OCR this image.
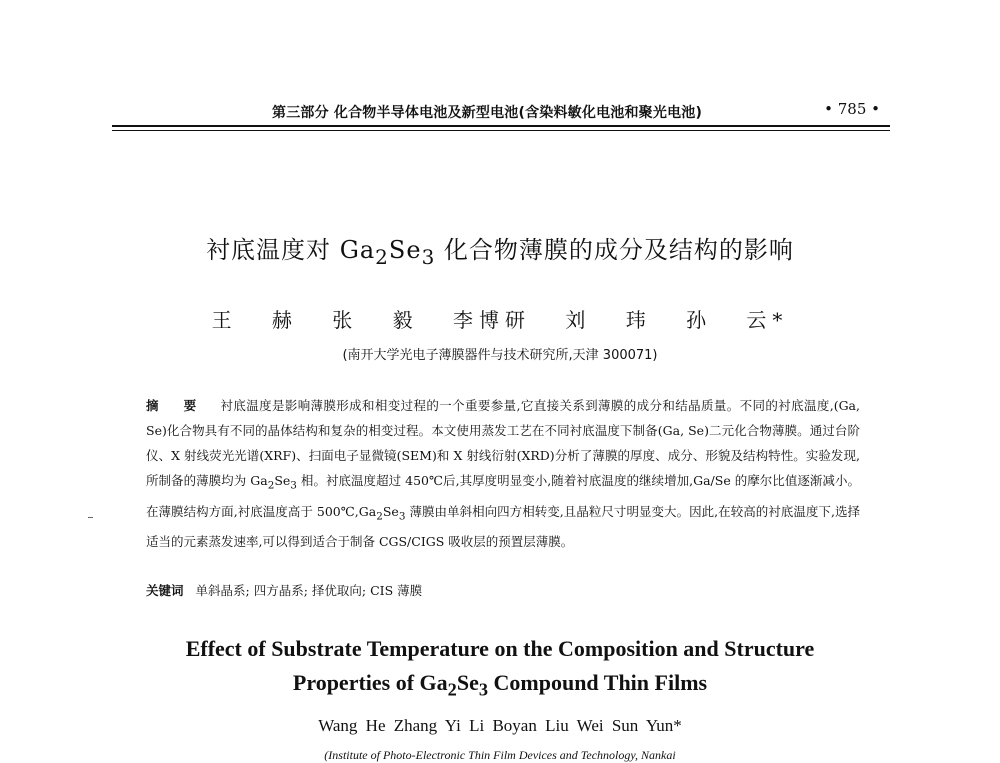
第三部分 化合物半导体电池及新型电池(含染料敏化电池和聚光电池)	• 785 •
衬底温度对 $Ga_2Se_3$ 化合物薄膜的成分及结构的影响
王 赫 张 毅 李博研 刘 玮 孙 云*
(南开大学光电子薄膜器件与技术研究所,天津 300071)
摘 要 衬底温度是影响薄膜形成和相变过程的一个重要参量,它直接关系到薄膜的成分和结晶质量。不同的衬底温度,(Ga, Se)化合物具有不同的晶体结构和复杂的相变过程。本文使用蒸发工艺在不同衬底温度下制备(Ga, Se)二元化合物薄膜。通过台阶仪、X 射线荧光光谱(XRF)、扫面电子显微镜(SEM)和 X 射线衍射(XRD)分析了薄膜的厚度、成分、形貌及结构特性。实验发现,所制备的薄膜均为 $Ga_2Se_3$ 相。衬底温度超过 450℃后,其厚度明显变小,随着衬底温度的继续增加,Ga/Se 的摩尔比值逐渐减小。在薄膜结构方面,衬底温度高于 $500℃,Ga_2Se_3$ 薄膜由单斜相向四方相转变,且晶粒尺寸明显变大。因此,在较高的衬底温度下,选择适当的元素蒸发速率,可以得到适合于制备 CGS/CIGS 吸收层的预置层薄膜。
关键词 单斜晶系; 四方晶系; 择优取向; CIS 薄膜
Effect of Substrate Temperature on the Composition and Structure
Properties of $Ga_2Se_3$ Compound Thin Films
Wang He Zhang Yi Li Boyan Liu Wei Sun Yun*
(Institute of Photo-Electronic Thin Film Devices and Technology, Nankai
